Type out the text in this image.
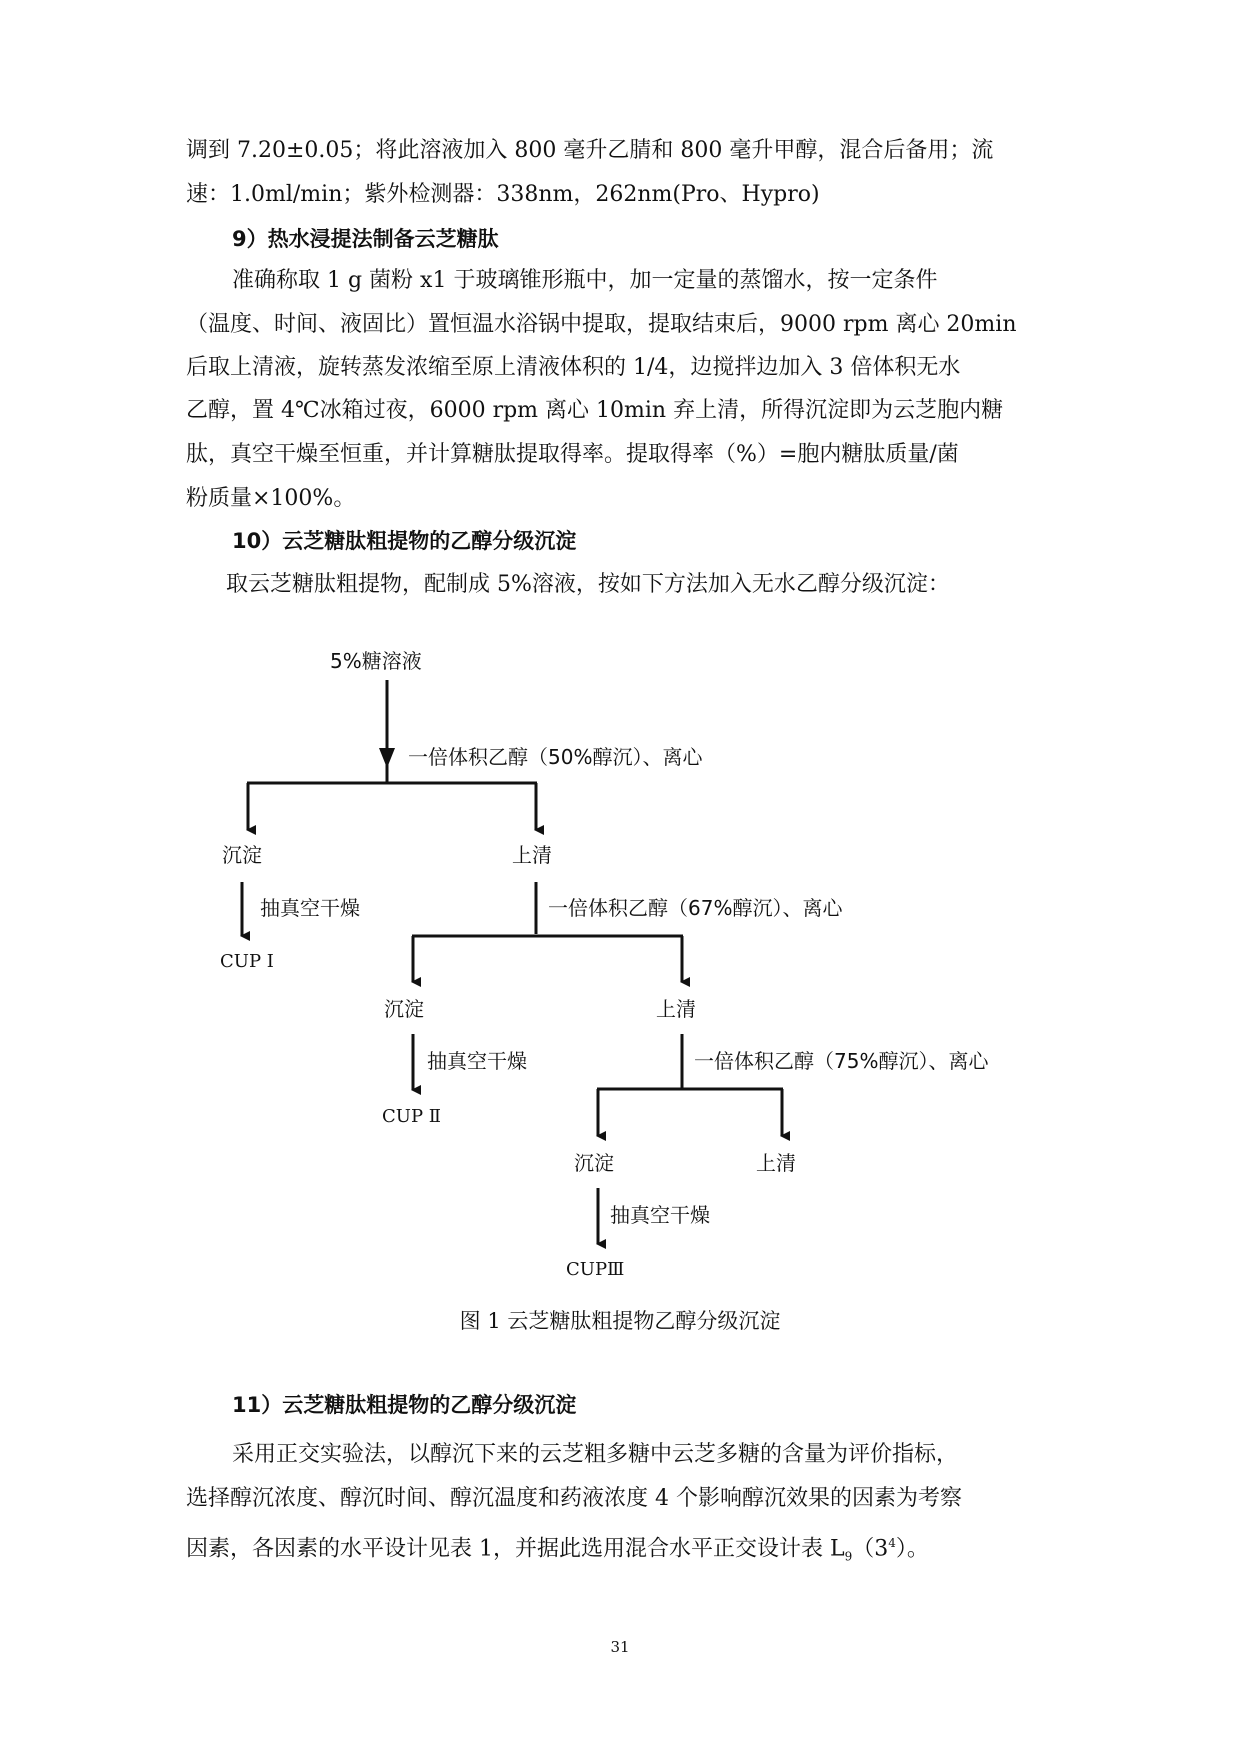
调到 7.20±0.05；将此溶液加入 800 毫升乙腈和 800 毫升甲醇，混合后备用；流
速：1.0ml/min；紫外检测器：338nm，262nm(Pro、Hypro)
9）热水浸提法制备云芝糖肽
准确称取 1 g 菌粉 x1 于玻璃锥形瓶中，加一定量的蒸馏水，按一定条件
（温度、时间、液固比）置恒温水浴锅中提取，提取结束后，9000 rpm 离心 20min
后取上清液，旋转蒸发浓缩至原上清液体积的 1/4，边搅拌边加入 3 倍体积无水
乙醇，置 4℃冰箱过夜，6000 rpm 离心 10min 弃上清，所得沉淀即为云芝胞内糖
肽，真空干燥至恒重，并计算糖肽提取得率。提取得率（%）=胞内糖肽质量/菌
粉质量×100%。
10）云芝糖肽粗提物的乙醇分级沉淀
取云芝糖肽粗提物，配制成 5%溶液，按如下方法加入无水乙醇分级沉淀：
5%糖溶液
一倍体积乙醇（50%醇沉）、离心
沉淀	上清
抽真空干燥
CUP Ⅰ
一倍体积乙醇（67%醇沉）、离心
沉淀	上清
抽真空干燥
CUP Ⅱ
一倍体积乙醇（75%醇沉）、离心
沉淀	上清
抽真空干燥
CUPⅢ
图 1 云芝糖肽粗提物乙醇分级沉淀
11）云芝糖肽粗提物的乙醇分级沉淀
采用正交实验法，以醇沉下来的云芝粗多糖中云芝多糖的含量为评价指标，
选择醇沉浓度、醇沉时间、醇沉温度和药液浓度 4 个影响醇沉效果的因素为考察
因素，各因素的水平设计见表 1，并据此选用混合水平正交设计表 $L_9(3^4)$。
31
